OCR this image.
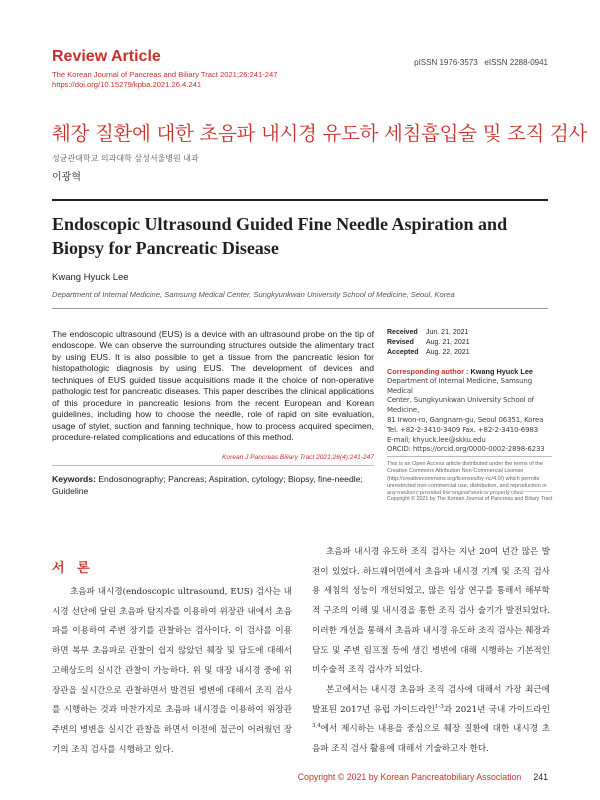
Review Article
The Korean Journal of Pancreas and Biliary Tract 2021;26:241-247
https://doi.org/10.15279/kpba.2021.26.4.241
pISSN 1976-3573   eISSN 2288-0941
췌장 질환에 대한 초음파 내시경 유도하 세침흡입술 및 조직 검사
성균관대학교 의과대학 삼성서울병원 내과
이광혁
Endoscopic Ultrasound Guided Fine Needle Aspiration and Biopsy for Pancreatic Disease
Kwang Hyuck Lee
Department of Internal Medicine, Samsung Medical Center, Sungkyunkwan University School of Medicine, Seoul, Korea
The endoscopic ultrasound (EUS) is a device with an ultrasound probe on the tip of endoscope. We can observe the surrounding structures outside the alimentary tract by using EUS. It is also possible to get a tissue from the pancreatic lesion for histopathologic diagnosis by using EUS. The development of devices and techniques of EUS guided tissue acquisitions made it the choice of non-operative pathologic test for pancreatic diseases. This paper describes the clinical applications of this procedure in pancreatic lesions from the recent European and Korean guidelines, including how to choose the needle, role of rapid on site evaluation, usage of stylet, suction and fanning technique, how to process acquired specimen, procedure-related complications and educations of this method.
Korean J Pancreas Biliary Tract 2021;26(4):241-247
Keywords: Endosonography; Pancreas; Aspiration, cytology; Biopsy, fine-needle; Guideline
Received Jun. 21, 2021
Revised Aug. 21, 2021
Accepted Aug. 22, 2021
Corresponding author : Kwang Hyuck Lee
Department of Internal Medicine, Samsung Medical
Center, Sungkyunkwan University School of Medicine,
81 Irwon-ro, Gangnam-gu, Seoul 06351, Korea
Tel. +82-2-3410-3409 Fax. +82-2-3410-6983
E-mail; khyuck.lee@skku.edu
ORCID: https://orcid.org/0000-0002-2898-6233
This is an Open Access article distributed under the terms of the Creative Commons Attribution Non-Commercial License (http://creativecommons.org/licenses/by-nc/4.0/) which permits unrestricted non-commercial use, distribution, and reproduction in any medium, provided the original work is properly cited.
Copyright © 2021 by The Korean Journal of Pancreas and Biliary Tract
서 론
초음파 내시경(endoscopic ultrasound, EUS) 검사는 내시경 선단에 달린 초음파 탐지자를 이용하여 위장관 내에서 초음파를 이용하여 주변 장기를 관찰하는 검사이다. 이 검사를 이용하면 복부 초음파로 관찰이 쉽지 않았던 췌장 및 담도에 대해서 고해상도의 실시간 관찰이 가능하다. 위 및 대장 내시경 중에 위장관을 실시간으로 관찰하면서 발견된 병변에 대해서 조직 검사를 시행하는 것과 마찬가지로 초음파 내시경을 이용하여 위장관 주변의 병변을 실시간 관찰을 하면서 이전에 접근이 어려웠던 장기의 조직 검사를 시행하고 있다.

초음파 내시경 유도하 조직 검사는 지난 20여 년간 많은 발전이 있었다. 하드웨어면에서 초음파 내시경 기계 및 조직 검사용 세침의 성능이 개선되었고, 많은 임상 연구를 통해서 해부학적 구조의 이해 및 내시경을 통한 조직 검사 술기가 발전되었다. 이러한 개선을 통해서 초음파 내시경 유도하 조직 검사는 췌장과 담도 및 주변 림프절 등에 생긴 병변에 대해 시행하는 기본적인 비수술적 조직 검사가 되었다.

본고에서는 내시경 초음파 조직 검사에 대해서 가장 최근에 발표된 2017년 유럽 가이드라인$^{1-3}$과 2021년 국내 가이드라인$^{3,4}$에서 제시하는 내용을 중심으로 췌장 질환에 대한 내시경 초음파 조직 검사 활용에 대해서 기술하고자 한다.

Copyright © 2021 by Korean Pancreatobiliary Association 241
